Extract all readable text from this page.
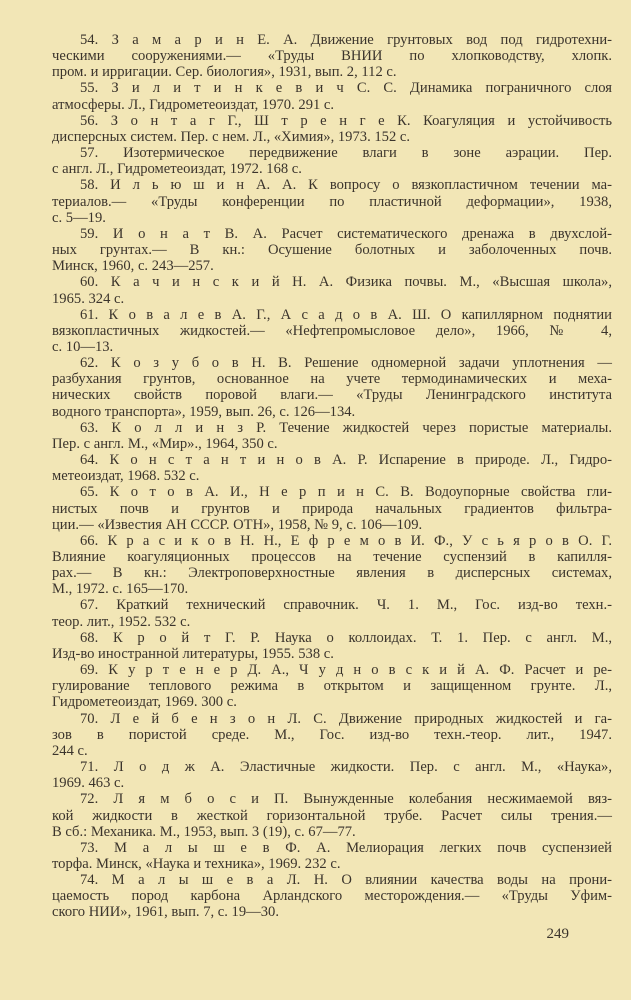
54. З а м а р и н Е. А. Движение грунтовых вод под гидротехни-
ческими сооружениями.— «Труды ВНИИ по хлопководству, хлопк.
пром. и ирригации. Сер. биология», 1931, вып. 2, 112 с.
55. З и л и т и н к е в и ч С. С. Динамика пограничного слоя
атмосферы. Л., Гидрометеоиздат, 1970. 291 с.
56. З о н т а г Г., Ш т р е н г е К. Коагуляция и устойчивость
дисперсных систем. Пер. с нем. Л., «Химия», 1973. 152 с.
57. Изотермическое передвижение влаги в зоне аэрации. Пер.
с англ. Л., Гидрометеоиздат, 1972. 168 с.
58. И л ь ю ш и н А. А. К вопросу о вязкопластичном течении ма-
териалов.— «Труды конференции по пластичной деформации», 1938,
с. 5—19.
59. И о н а т В. А. Расчет систематического дренажа в двухслой-
ных грунтах.— В кн.: Осушение болотных и заболоченных почв.
Минск, 1960, с. 243—257.
60. К а ч и н с к и й Н. А. Физика почвы. М., «Высшая школа»,
1965. 324 с.
61. К о в а л е в А. Г., А с а д о в А. Ш. О капиллярном поднятии
вязкопластичных жидкостей.— «Нефтепромысловое дело», 1966, № 4,
с. 10—13.
62. К о з у б о в Н. В. Решение одномерной задачи уплотнения —
разбухания грунтов, основанное на учете термодинамических и меха-
нических свойств поровой влаги.— «Труды Ленинградского института
водного транспорта», 1959, вып. 26, с. 126—134.
63. К о л л и н з Р. Течение жидкостей через пористые материалы.
Пер. с англ. М., «Мир»., 1964, 350 с.
64. К о н с т а н т и н о в А. Р. Испарение в природе. Л., Гидро-
метеоиздат, 1968. 532 с.
65. К о т о в А. И., Н е р п и н С. В. Водоупорные свойства гли-
нистых почв и грунтов и природа начальных градиентов фильтра-
ции.— «Известия АН СССР. ОТН», 1958, № 9, с. 106—109.
66. К р а с и к о в Н. Н., Е ф р е м о в И. Ф., У с ь я р о в О. Г.
Влияние коагуляционных процессов на течение суспензий в капилля-
рах.— В кн.: Электроповерхностные явления в дисперсных системах,
М., 1972. с. 165—170.
67. Краткий технический справочник. Ч. 1. М., Гос. изд-во техн.-
теор. лит., 1952. 532 с.
68. К р о й т Г. Р. Наука о коллоидах. Т. 1. Пер. с англ. М.,
Изд-во иностранной литературы, 1955. 538 с.
69. К у р т е н е р Д. А., Ч у д н о в с к и й А. Ф. Расчет и ре-
гулирование теплового режима в открытом и защищенном грунте. Л.,
Гидрометеоиздат, 1969. 300 с.
70. Л е й б е н з о н Л. С. Движение природных жидкостей и га-
зов в пористой среде. М., Гос. изд-во техн.-теор. лит., 1947.
244 с.
71. Л о д ж А. Эластичные жидкости. Пер. с англ. М., «Наука»,
1969. 463 с.
72. Л я м б о с и П. Вынужденные колебания несжимаемой вяз-
кой жидкости в жесткой горизонтальной трубе. Расчет силы трения.—
В сб.: Механика. М., 1953, вып. 3 (19), с. 67—77.
73. М а л ы ш е в Ф. А. Мелиорация легких почв суспензией
торфа. Минск, «Наука и техника», 1969. 232 с.
74. М а л ы ш е в а Л. Н. О влиянии качества воды на прони-
цаемость пород карбона Арландского месторождения.— «Труды Уфим-
ского НИИ», 1961, вып. 7, с. 19—30.
249
